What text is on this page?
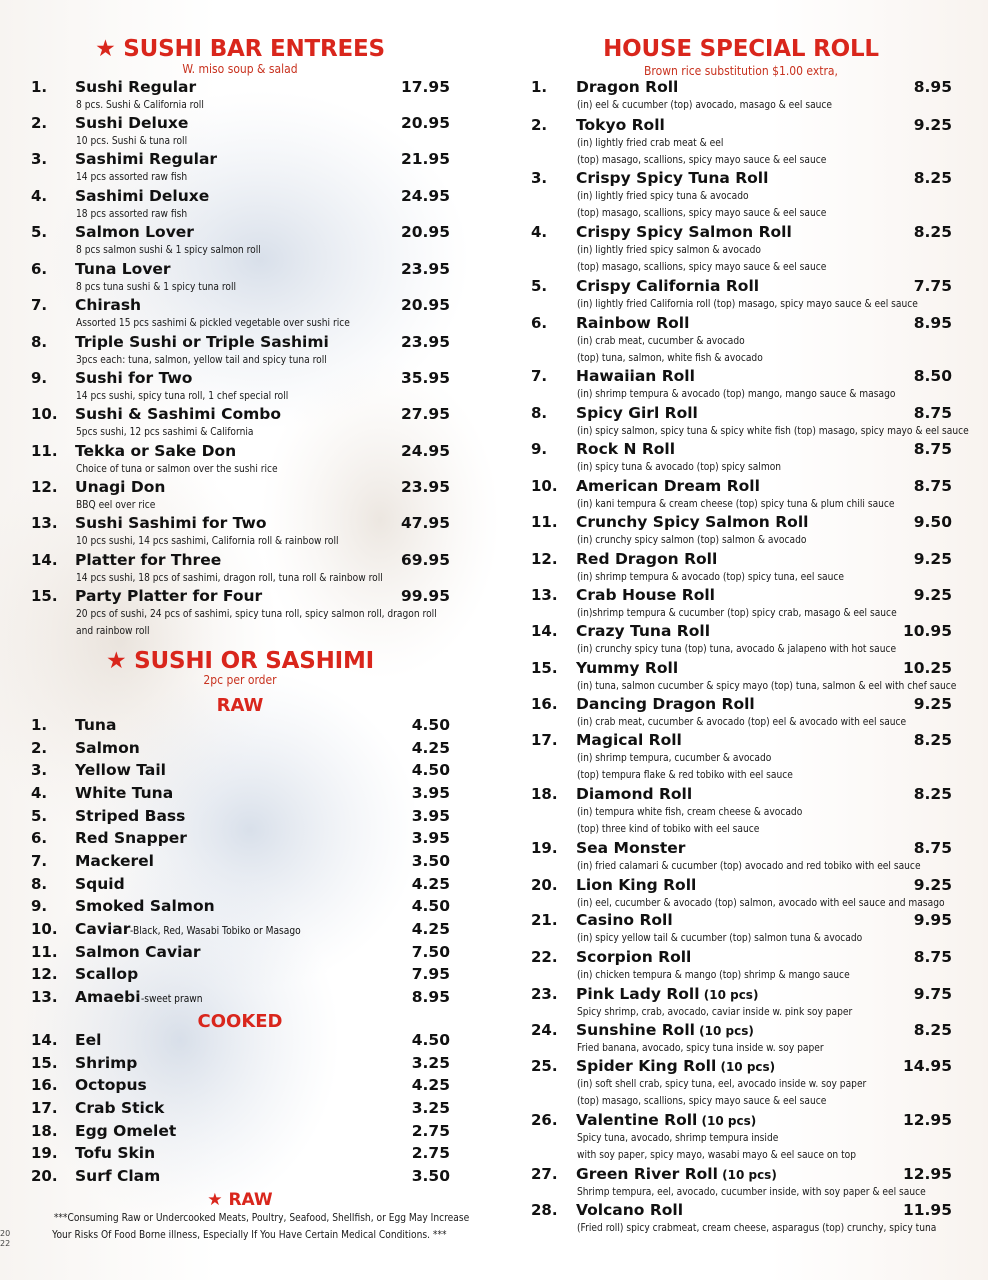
★ SUSHI BAR ENTREES
W. miso soup & salad
1. Sushi Regular	17.95
8 pcs. Sushi & California roll
2. Sushi Deluxe	20.95
10 pcs. Sushi & tuna roll
3. Sashimi Regular	21.95
14 pcs assorted raw fish
4. Sashimi Deluxe	24.95
18 pcs assorted raw fish
5. Salmon Lover	20.95
8 pcs salmon sushi & 1 spicy salmon roll
6. Tuna Lover	23.95
8 pcs tuna sushi & 1 spicy tuna roll
7. Chirash	20.95
Assorted 15 pcs sashimi & pickled vegetable over sushi rice
8. Triple Sushi or Triple Sashimi	23.95
3pcs each: tuna, salmon, yellow tail and spicy tuna roll
9. Sushi for Two	35.95
14 pcs sushi, spicy tuna roll, 1 chef special roll
10. Sushi & Sashimi Combo	27.95
5pcs sushi, 12 pcs sashimi & California
11. Tekka or Sake Don	24.95
Choice of tuna or salmon over the sushi rice
12. Unagi Don	23.95
BBQ eel over rice
13. Sushi Sashimi for Two	47.95
10 pcs sushi, 14 pcs sashimi, California roll & rainbow roll
14. Platter for Three	69.95
14 pcs sushi, 18 pcs of sashimi, dragon roll, tuna roll & rainbow roll
15. Party Platter for Four	99.95
20 pcs of sushi, 24 pcs of sashimi, spicy tuna roll, spicy salmon roll, dragon roll
and rainbow roll
★ SUSHI OR SASHIMI
2pc per order
RAW
1. Tuna	4.50
2. Salmon	4.25
3. Yellow Tail	4.50
4. White Tuna	3.95
5. Striped Bass	3.95
6. Red Snapper	3.95
7. Mackerel	3.50
8. Squid	4.25
9. Smoked Salmon	4.50
10. Caviar-Black, Red, Wasabi Tobiko or Masago	4.25
11. Salmon Caviar	7.50
12. Scallop	7.95
13. Amaebi-sweet prawn	8.95
COOKED
14. Eel	4.50
15. Shrimp	3.25
16. Octopus	4.25
17. Crab Stick	3.25
18. Egg Omelet	2.75
19. Tofu Skin	2.75
20. Surf Clam	3.50
★ RAW
***Consuming Raw or Undercooked Meats, Poultry, Seafood, Shellfish, or Egg May Increase
Your Risks Of Food Borne illness, Especially If You Have Certain Medical Conditions. ***
20
22
HOUSE SPECIAL ROLL
Brown rice substitution $1.00 extra,
1. Dragon Roll	8.95
(in) eel & cucumber (top) avocado, masago & eel sauce
2. Tokyo Roll	9.25
(in) lightly fried crab meat & eel
(top) masago, scallions, spicy mayo sauce & eel sauce
3. Crispy Spicy Tuna Roll	8.25
(in) lightly fried spicy tuna & avocado
(top) masago, scallions, spicy mayo sauce & eel sauce
4. Crispy Spicy Salmon Roll	8.25
(in) lightly fried spicy salmon & avocado
(top) masago, scallions, spicy mayo sauce & eel sauce
5. Crispy California Roll	7.75
(in) lightly fried California roll (top) masago, spicy mayo sauce & eel sauce
6. Rainbow Roll	8.95
(in) crab meat, cucumber & avocado
(top) tuna, salmon, white fish & avocado
7. Hawaiian Roll	8.50
(in) shrimp tempura & avocado (top) mango, mango sauce & masago
8. Spicy Girl Roll	8.75
(in) spicy salmon, spicy tuna & spicy white fish (top) masago, spicy mayo & eel sauce
9. Rock N Roll	8.75
(in) spicy tuna & avocado (top) spicy salmon
10. American Dream Roll	8.75
(in) kani tempura & cream cheese (top) spicy tuna & plum chili sauce
11. Crunchy Spicy Salmon Roll	9.50
(in) crunchy spicy salmon (top) salmon & avocado
12. Red Dragon Roll	9.25
(in) shrimp tempura & avocado (top) spicy tuna, eel sauce
13. Crab House Roll	9.25
(in)shrimp tempura & cucumber (top) spicy crab, masago & eel sauce
14. Crazy Tuna Roll	10.95
(in) crunchy spicy tuna (top) tuna, avocado & jalapeno with hot sauce
15. Yummy Roll	10.25
(in) tuna, salmon cucumber & spicy mayo (top) tuna, salmon & eel with chef sauce
16. Dancing Dragon Roll	9.25
(in) crab meat, cucumber & avocado (top) eel & avocado with eel sauce
17. Magical Roll	8.25
(in) shrimp tempura, cucumber & avocado
(top) tempura flake & red tobiko with eel sauce
18. Diamond Roll	8.25
(in) tempura white fish, cream cheese & avocado
(top) three kind of tobiko with eel sauce
19. Sea Monster	8.75
(in) fried calamari & cucumber (top) avocado and red tobiko with eel sauce
20. Lion King Roll	9.25
(in) eel, cucumber & avocado (top) salmon, avocado with eel sauce and masago
21. Casino Roll	9.95
(in) spicy yellow tail & cucumber (top) salmon tuna & avocado
22. Scorpion Roll	8.75
(in) chicken tempura & mango (top) shrimp & mango sauce
23. Pink Lady Roll (10 pcs)	9.75
Spicy shrimp, crab, avocado, caviar inside w. pink soy paper
24. Sunshine Roll (10 pcs)	8.25
Fried banana, avocado, spicy tuna inside w. soy paper
25. Spider King Roll (10 pcs)	14.95
(in) soft shell crab, spicy tuna, eel, avocado inside w. soy paper
(top) masago, scallions, spicy mayo sauce & eel sauce
26. Valentine Roll (10 pcs)	12.95
Spicy tuna, avocado, shrimp tempura inside
with soy paper, spicy mayo, wasabi mayo & eel sauce on top
27. Green River Roll (10 pcs)	12.95
Shrimp tempura, eel, avocado, cucumber inside, with soy paper & eel sauce
28. Volcano Roll	11.95
(Fried roll) spicy crabmeat, cream cheese, asparagus (top) crunchy, spicy tuna
